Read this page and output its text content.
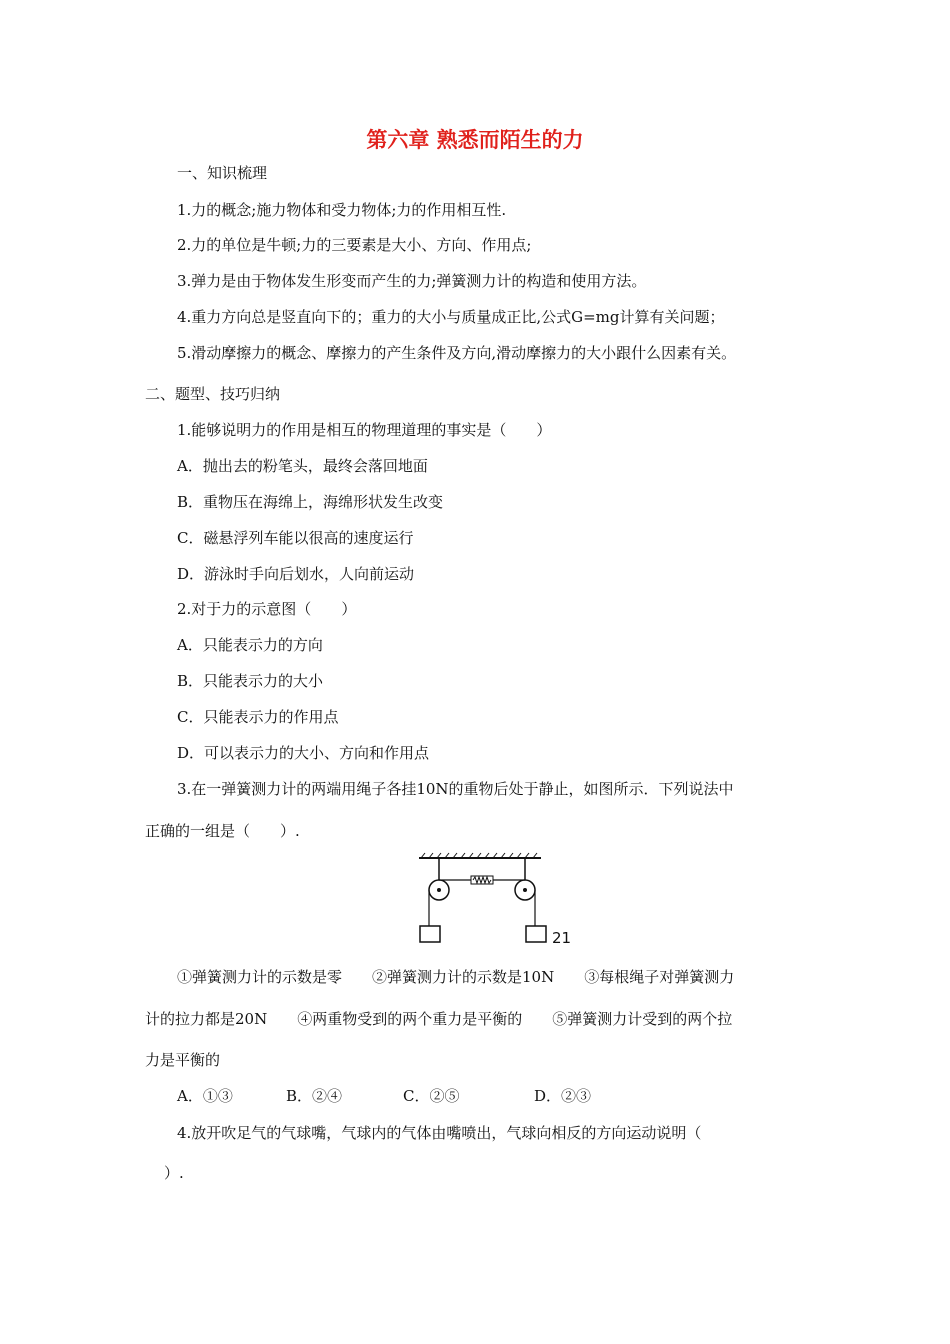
第六章 熟悉而陌生的力
一、知识梳理
1.力的概念;施力物体和受力物体;力的作用相互性.
2.力的单位是牛顿;力的三要素是大小、方向、作用点;
3.弹力是由于物体发生形变而产生的力;弹簧测力计的构造和使用方法。
4.重力方向总是竖直向下的；重力的大小与质量成正比,公式G=mg计算有关问题；
5.滑动摩擦力的概念、摩擦力的产生条件及方向,滑动摩擦力的大小跟什么因素有关。
二、题型、技巧归纳
1.能够说明力的作用是相互的物理道理的事实是（　　）
A．抛出去的粉笔头，最终会落回地面
B．重物压在海绵上，海绵形状发生改变
C．磁悬浮列车能以很高的速度运行
D．游泳时手向后划水，人向前运动
2.对于力的示意图（　　）
A．只能表示力的方向
B．只能表示力的大小
C．只能表示力的作用点
D．可以表示力的大小、方向和作用点
3.在一弹簧测力计的两端用绳子各挂10N的重物后处于静止，如图所示．下列说法中
正确的一组是（　　）.
21
①弹簧测力计的示数是零　　②弹簧测力计的示数是10N　　③每根绳子对弹簧测力
计的拉力都是20N　　④两重物受到的两个重力是平衡的　　⑤弹簧测力计受到的两个拉
力是平衡的
A．①③	B．②④	C．②⑤	D．②③
4.放开吹足气的气球嘴，气球内的气体由嘴喷出，气球向相反的方向运动说明（
）.
